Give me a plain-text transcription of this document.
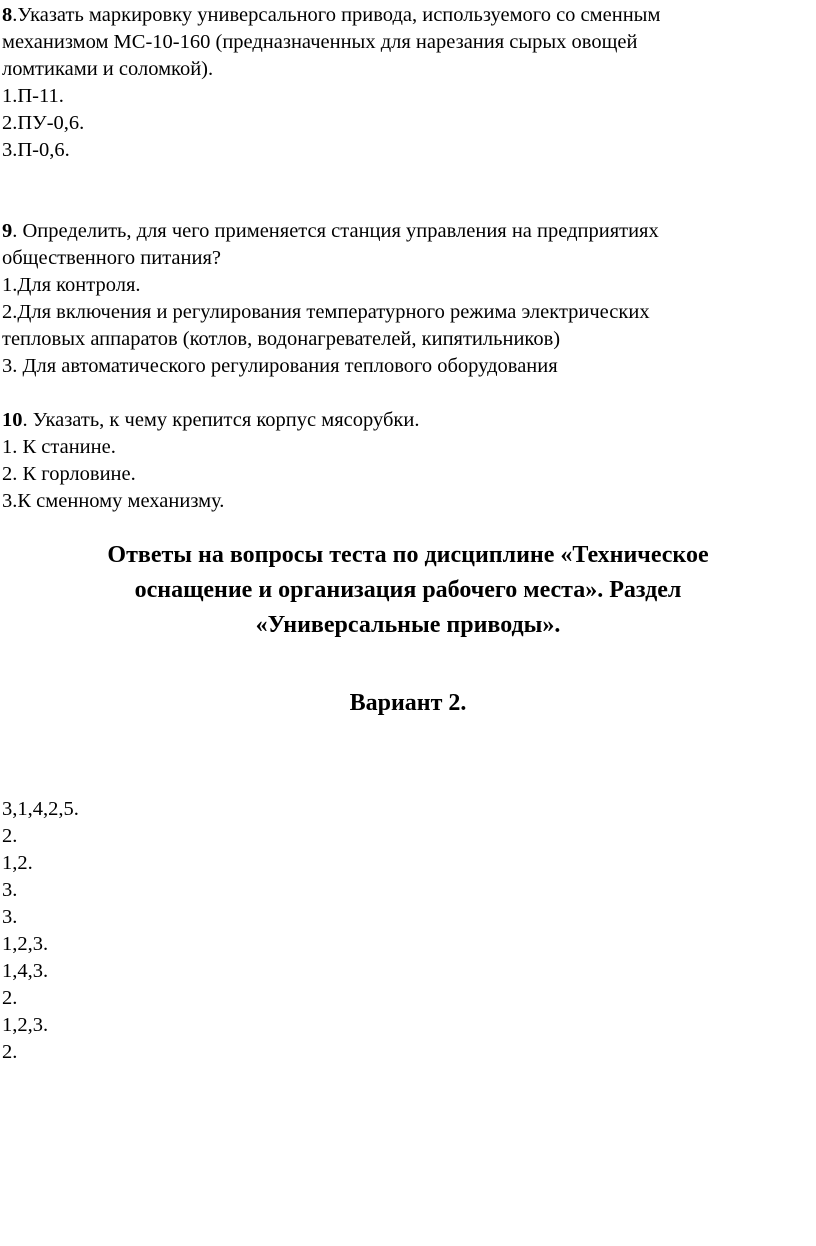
8.Указать маркировку универсального привода, используемого со сменным
механизмом МС-10-160 (предназначенных для нарезания сырых овощей
ломтиками и соломкой).
1.П-11.
2.ПУ-0,6.
3.П-0,6.
9. Определить, для чего применяется станция управления на предприятиях
общественного питания?
1.Для контроля.
2.Для включения и регулирования температурного режима электрических
тепловых аппаратов (котлов, водонагревателей, кипятильников)
3. Для автоматического регулирования теплового оборудования
10. Указать, к чему крепится корпус мясорубки.
1. К станине.
2. К горловине.
3.К сменному механизму.
Ответы на вопросы теста по дисциплине «Техническое
оснащение и организация рабочего места». Раздел
«Универсальные приводы».
Вариант 2.
3,1,4,2,5.
2.
1,2.
3.
3.
1,2,3.
1,4,3.
2.
1,2,3.
2.
